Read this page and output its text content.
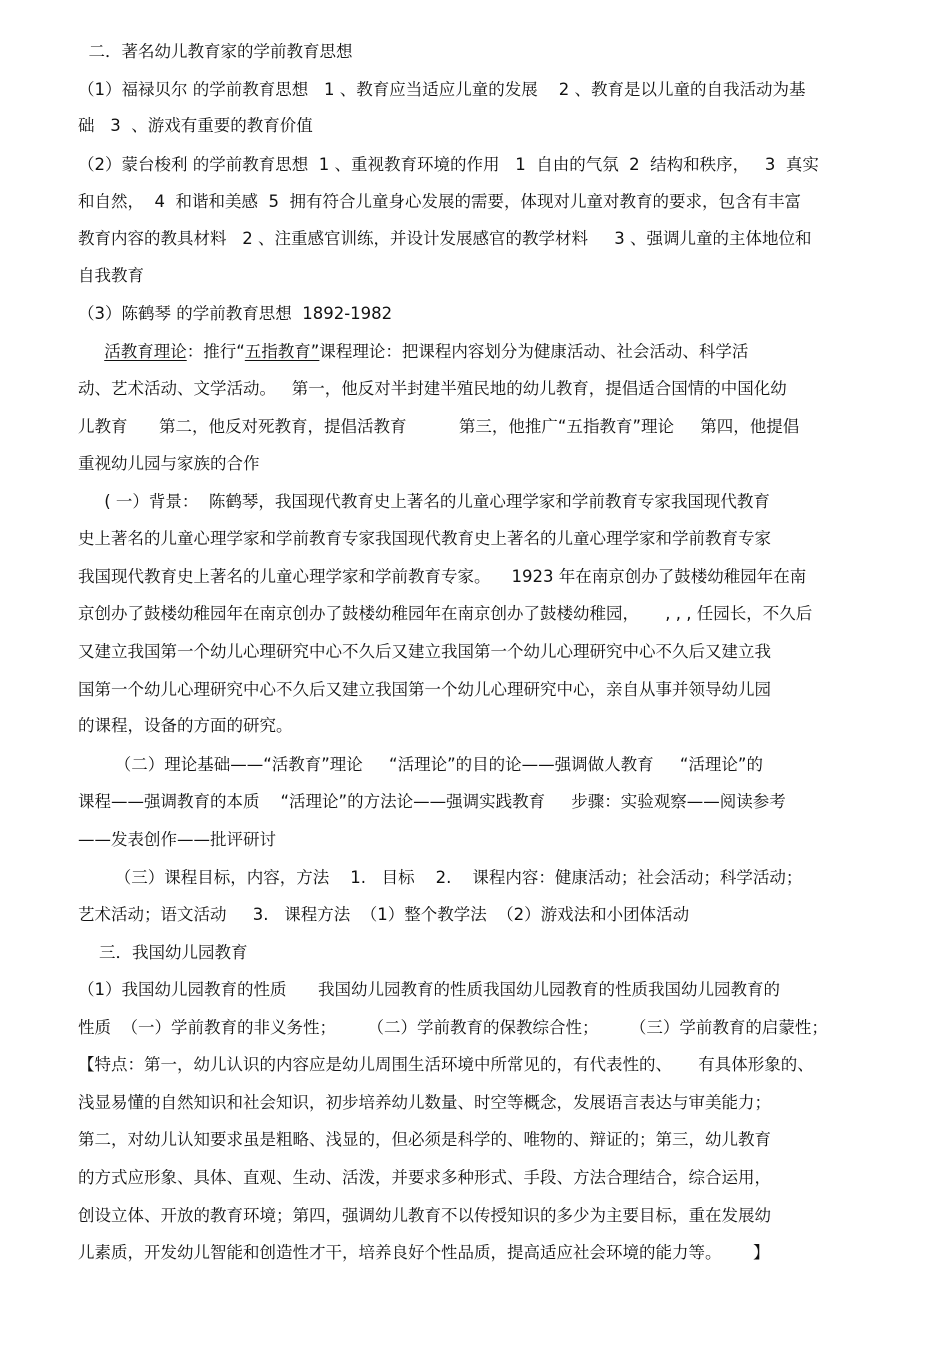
二．著名幼儿教育家的学前教育思想
（1）福禄贝尔 的学前教育思想   1 、教育应当适应儿童的发展    2 、教育是以儿童的自我活动为基
础   3  、游戏有重要的教育价值
（2）蒙台梭利 的学前教育思想  1 、重视教育环境的作用   1  自由的气氛  2  结构和秩序，   3  真实
和自然，  4  和谐和美感  5  拥有符合儿童身心发展的需要，体现对儿童对教育的要求，包含有丰富
教育内容的教具材料   2 、注重感官训练，并设计发展感官的教学材料     3 、强调儿童的主体地位和
自我教育
（3）陈鹤琴 的学前教育思想  1892-1982
活教育理论：推行“五指教育”课程理论：把课程内容划分为健康活动、社会活动、科学活
动、艺术活动、文学活动。   第一，他反对半封建半殖民地的幼儿教育，提倡适合国情的中国化幼
儿教育      第二，他反对死教育，提倡活教育          第三，他推广“五指教育”理论     第四，他提倡
重视幼儿园与家族的合作
( 一）背景：  陈鹤琴，我国现代教育史上著名的儿童心理学家和学前教育专家我国现代教育
史上著名的儿童心理学家和学前教育专家我国现代教育史上著名的儿童心理学家和学前教育专家
我国现代教育史上著名的儿童心理学家和学前教育专家。    1923 年在南京创办了鼓楼幼稚园年在南
京创办了鼓楼幼稚园年在南京创办了鼓楼幼稚园年在南京创办了鼓楼幼稚园，     , , , 任园长，不久后
又建立我国第一个幼儿心理研究中心不久后又建立我国第一个幼儿心理研究中心不久后又建立我
国第一个幼儿心理研究中心不久后又建立我国第一个幼儿心理研究中心，亲自从事并领导幼儿园
的课程，设备的方面的研究。
（二）理论基础——“活教育”理论     “活理论”的目的论——强调做人教育     “活理论”的
课程——强调教育的本质    “活理论”的方法论——强调实践教育     步骤：实验观察——阅读参考
——发表创作——批评研讨
（三）课程目标，内容，方法    1.   目标    2.    课程内容：健康活动；社会活动；科学活动；
艺术活动；语文活动     3.   课程方法  （1）整个教学法  （2）游戏法和小团体活动
三．我国幼儿园教育
（1）我国幼儿园教育的性质      我国幼儿园教育的性质我国幼儿园教育的性质我国幼儿园教育的
性质  （一）学前教育的非义务性；      （二）学前教育的保教综合性；      （三）学前教育的启蒙性；
【特点：第一，幼儿认识的内容应是幼儿周围生活环境中所常见的，有代表性的、     有具体形象的、
浅显易懂的自然知识和社会知识，初步培养幼儿数量、时空等概念，发展语言表达与审美能力；
第二，对幼儿认知要求虽是粗略、浅显的，但必须是科学的、唯物的、辩证的；第三，幼儿教育
的方式应形象、具体、直观、生动、活泼，并要求多种形式、手段、方法合理结合，综合运用，
创设立体、开放的教育环境；第四，强调幼儿教育不以传授知识的多少为主要目标，重在发展幼
儿素质，开发幼儿智能和创造性才干，培养良好个性品质，提高适应社会环境的能力等。      】
